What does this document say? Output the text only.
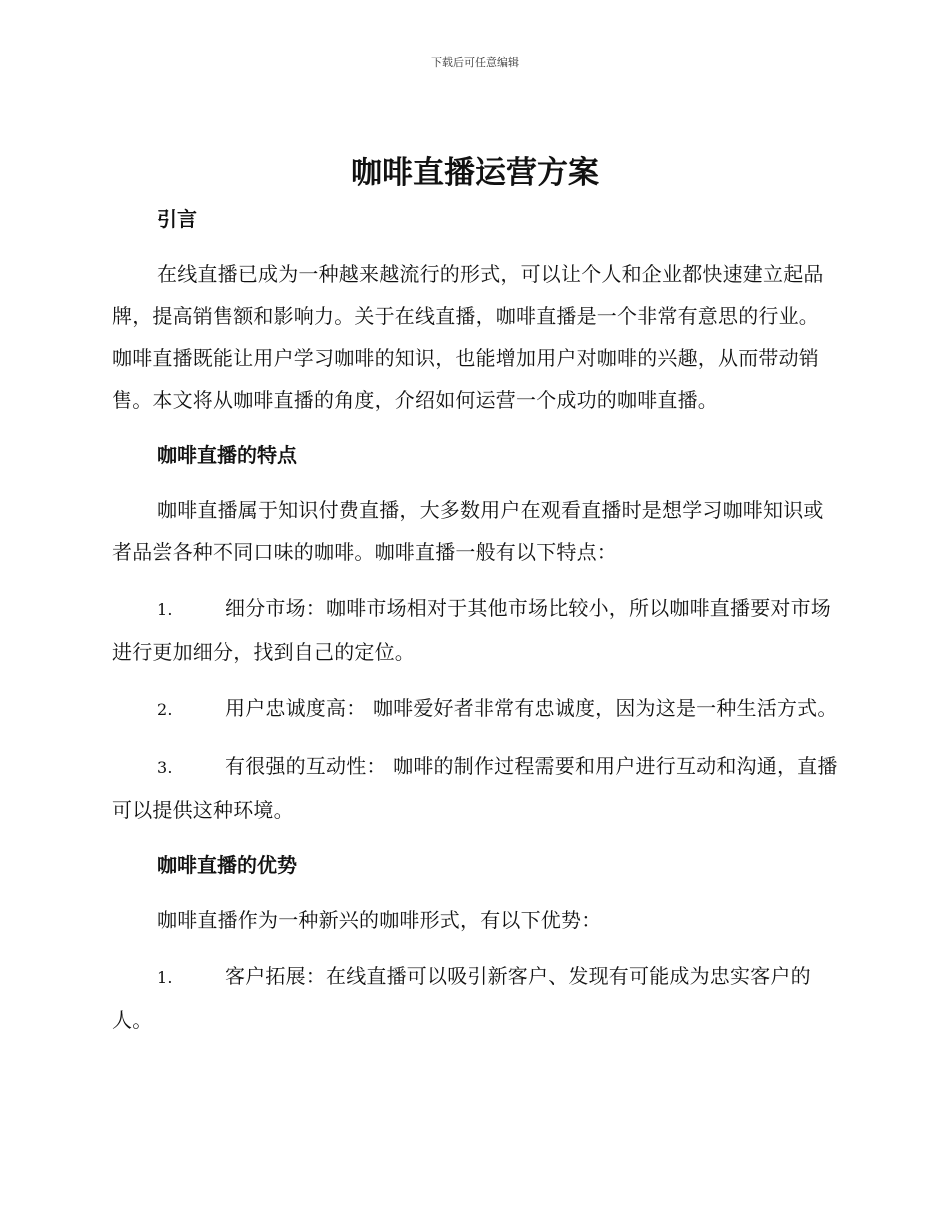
下载后可任意编辑
咖啡直播运营方案
引言

在线直播已成为一种越来越流行的形式，可以让个人和企业都快速建立起品牌，提高销售额和影响力。关于在线直播，咖啡直播是一个非常有意思的行业。咖啡直播既能让用户学习咖啡的知识，也能增加用户对咖啡的兴趣，从而带动销售。本文将从咖啡直播的角度，介绍如何运营一个成功的咖啡直播。

咖啡直播的特点

咖啡直播属于知识付费直播，大多数用户在观看直播时是想学习咖啡知识或者品尝各种不同口味的咖啡。咖啡直播一般有以下特点：

1.	细分市场：咖啡市场相对于其他市场比较小，所以咖啡直播要对市场进行更加细分，找到自己的定位。

2.	用户忠诚度高： 咖啡爱好者非常有忠诚度，因为这是一种生活方式。

3.	有很强的互动性： 咖啡的制作过程需要和用户进行互动和沟通，直播可以提供这种环境。

咖啡直播的优势

咖啡直播作为一种新兴的咖啡形式，有以下优势：

1.	客户拓展：在线直播可以吸引新客户、发现有可能成为忠实客户的人。
